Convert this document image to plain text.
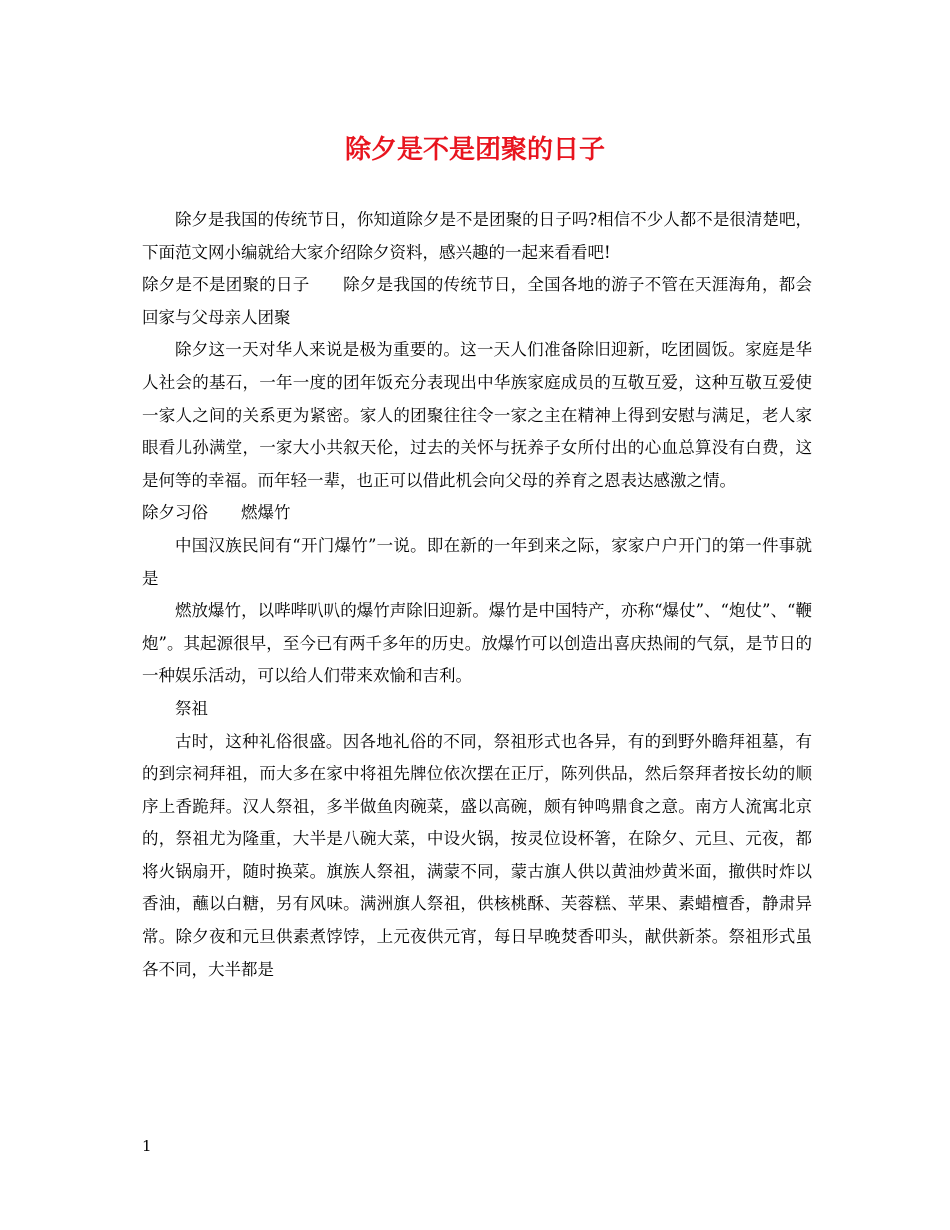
除夕是不是团聚的日子

除夕是我国的传统节日，你知道除夕是不是团聚的日子吗?相信不少人都不是很清楚吧，下面范文网小编就给大家介绍除夕资料，感兴趣的一起来看看吧!

除夕是不是团聚的日子　　除夕是我国的传统节日，全国各地的游子不管在天涯海角，都会回家与父母亲人团聚

除夕这一天对华人来说是极为重要的。这一天人们准备除旧迎新，吃团圆饭。家庭是华人社会的基石，一年一度的团年饭充分表现出中华族家庭成员的互敬互爱，这种互敬互爱使一家人之间的关系更为紧密。家人的团聚往往令一家之主在精神上得到安慰与满足，老人家眼看儿孙满堂，一家大小共叙天伦，过去的关怀与抚养子女所付出的心血总算没有白费，这是何等的幸福。而年轻一辈，也正可以借此机会向父母的养育之恩表达感激之情。

除夕习俗　　燃爆竹

中国汉族民间有“开门爆竹”一说。即在新的一年到来之际，家家户户开门的第一件事就是

燃放爆竹，以哔哔叭叭的爆竹声除旧迎新。爆竹是中国特产，亦称“爆仗”、“炮仗”、“鞭炮”。其起源很早，至今已有两千多年的历史。放爆竹可以创造出喜庆热闹的气氛，是节日的一种娱乐活动，可以给人们带来欢愉和吉利。

祭祖

古时，这种礼俗很盛。因各地礼俗的不同，祭祖形式也各异，有的到野外瞻拜祖墓，有的到宗祠拜祖，而大多在家中将祖先牌位依次摆在正厅，陈列供品，然后祭拜者按长幼的顺序上香跪拜。汉人祭祖，多半做鱼肉碗菜，盛以高碗，颇有钟鸣鼎食之意。南方人流寓北京的，祭祖尤为隆重，大半是八碗大菜，中设火锅，按灵位设杯箸，在除夕、元旦、元夜，都将火锅扇开，随时换菜。旗族人祭祖，满蒙不同，蒙古旗人供以黄油炒黄米面，撤供时炸以香油，蘸以白糖，另有风味。满洲旗人祭祖，供核桃酥、芙蓉糕、苹果、素蜡檀香，静肃异常。除夕夜和元旦供素煮饽饽，上元夜供元宵，每日早晚焚香叩头，献供新茶。祭祖形式虽各不同，大半都是

1
